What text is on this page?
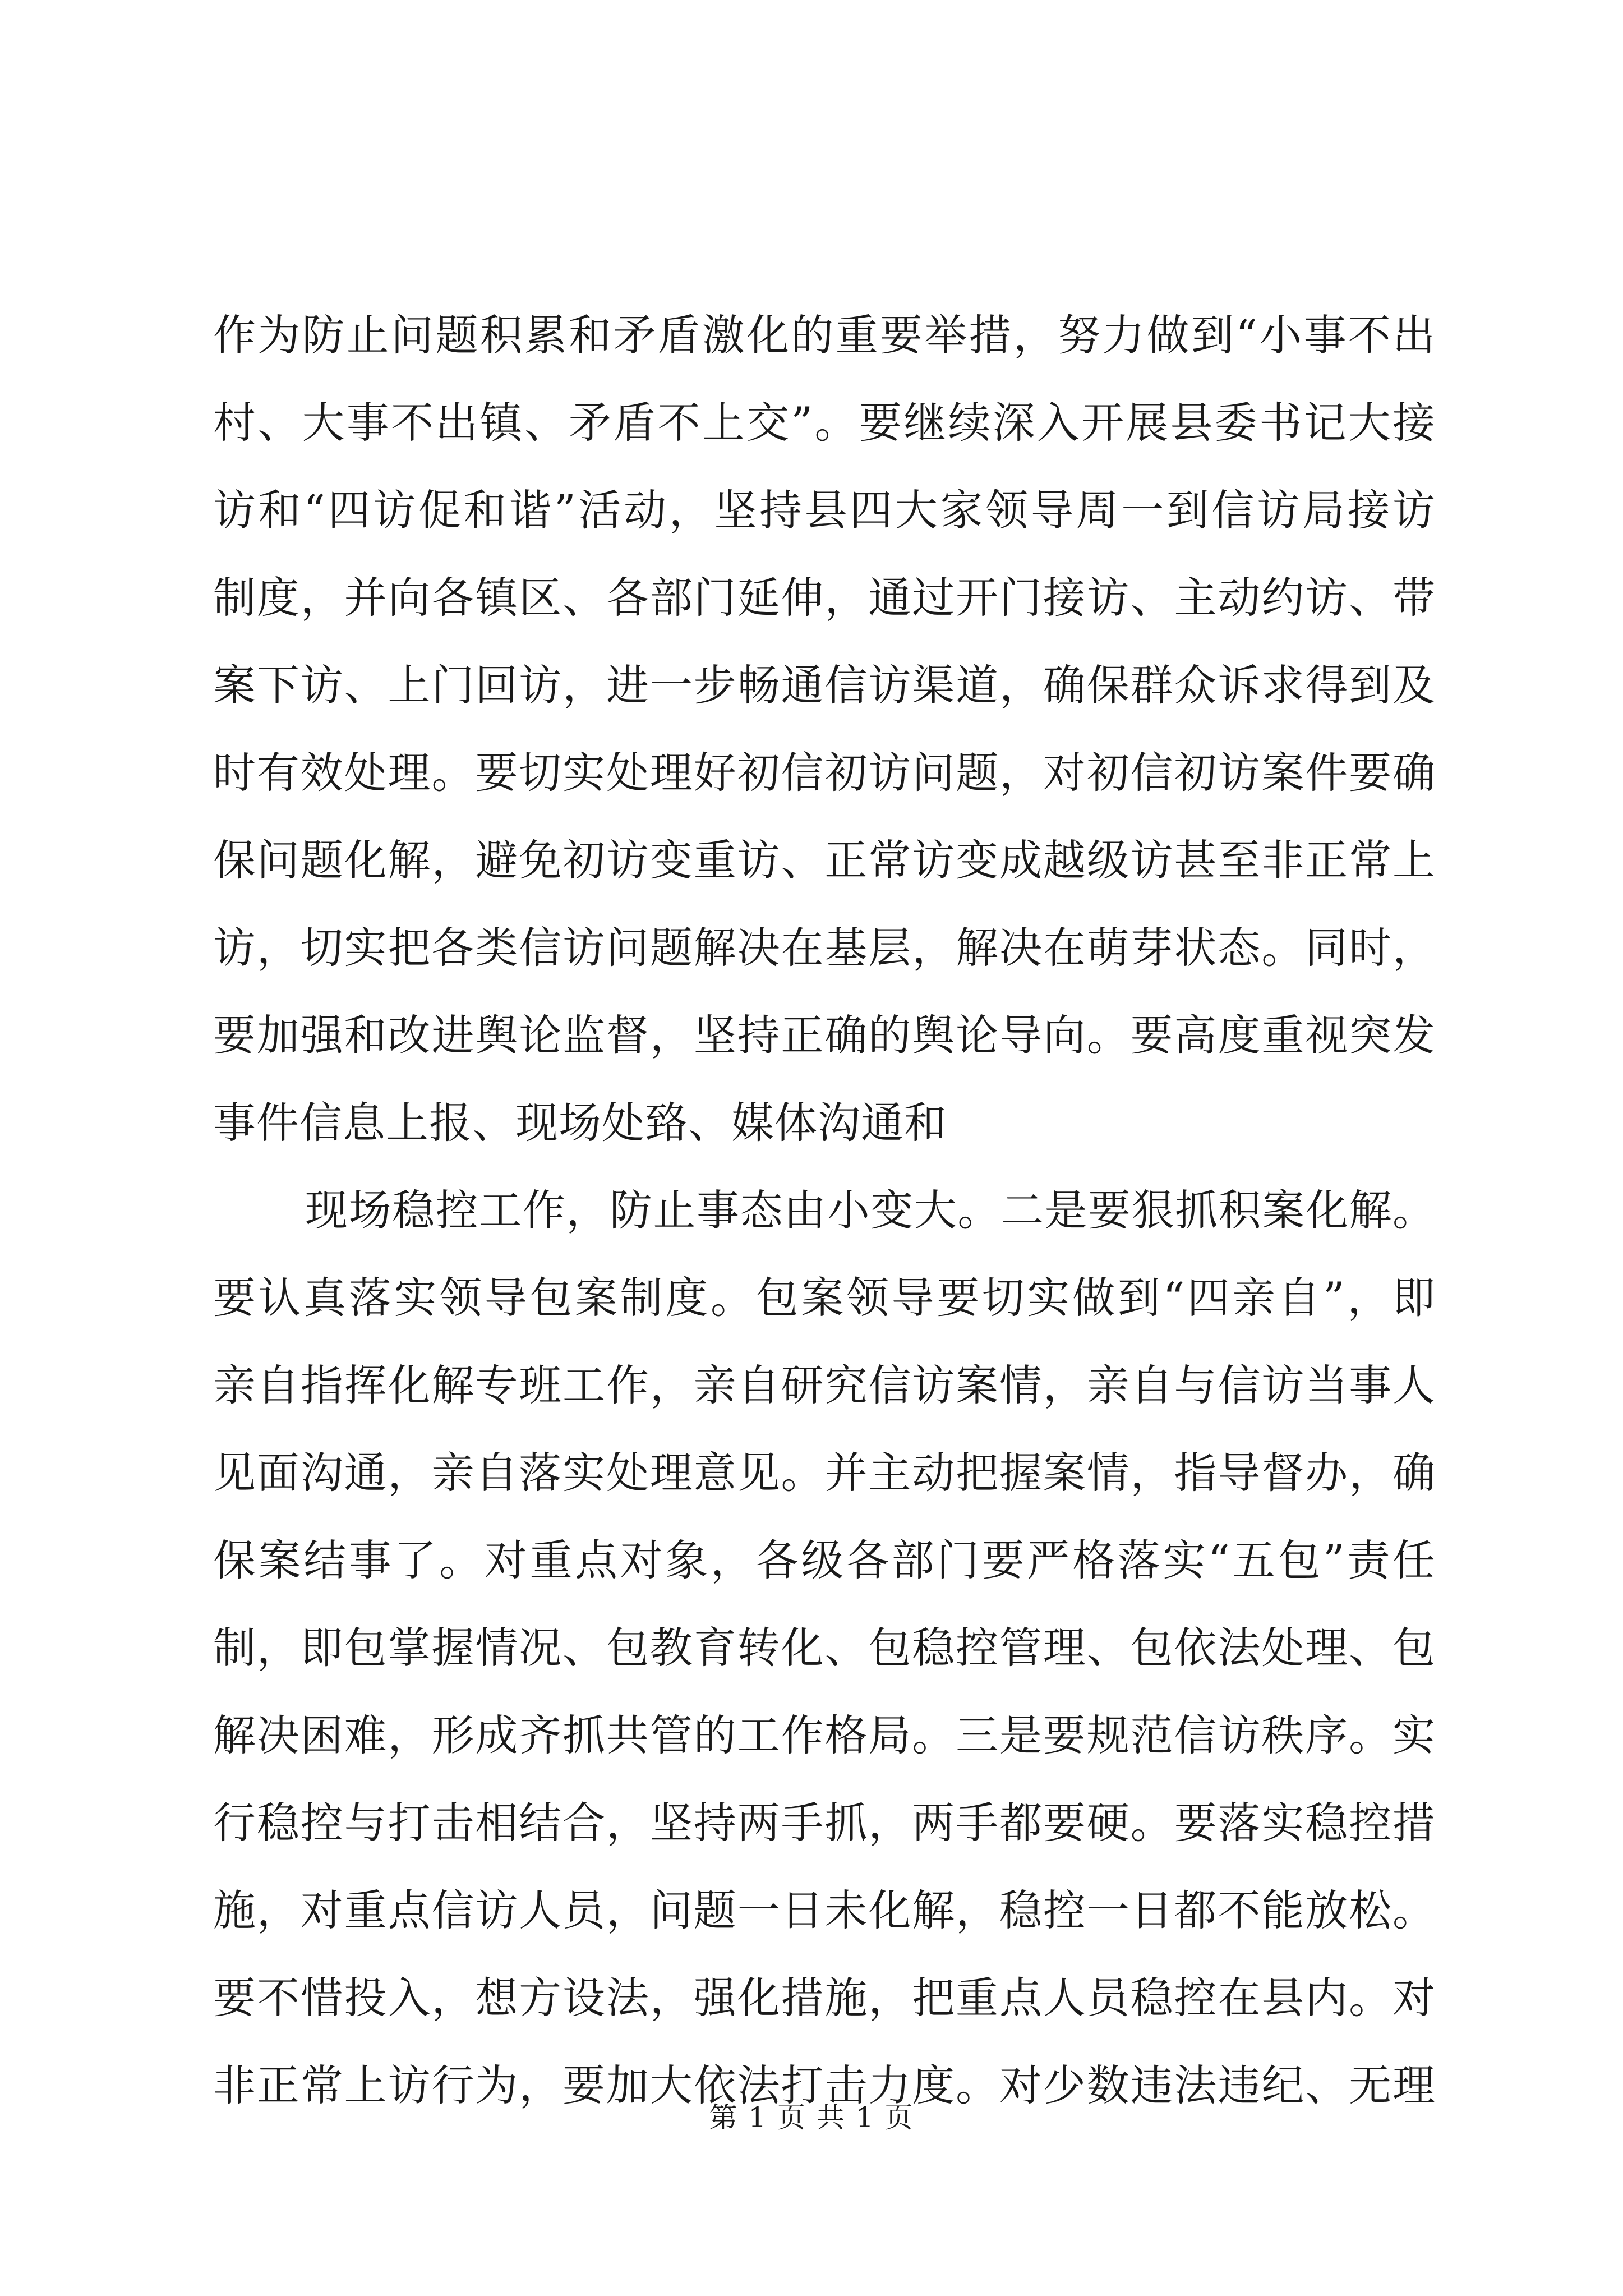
作为防止问题积累和矛盾激化的重要举措，努力做到“小事不出
村、大事不出镇、矛盾不上交”。要继续深入开展县委书记大接
访和“四访促和谐”活动，坚持县四大家领导周一到信访局接访
制度，并向各镇区、各部门延伸，通过开门接访、主动约访、带
案下访、上门回访，进一步畅通信访渠道，确保群众诉求得到及
时有效处理。要切实处理好初信初访问题，对初信初访案件要确
保问题化解，避免初访变重访、正常访变成越级访甚至非正常上
访，切实把各类信访问题解决在基层，解决在萌芽状态。同时，
要加强和改进舆论监督，坚持正确的舆论导向。要高度重视突发
事件信息上报、现场处臵、媒体沟通和
现场稳控工作，防止事态由小变大。二是要狠抓积案化解。
要认真落实领导包案制度。包案领导要切实做到“四亲自”，即
亲自指挥化解专班工作，亲自研究信访案情，亲自与信访当事人
见面沟通，亲自落实处理意见。并主动把握案情，指导督办，确
保案结事了。对重点对象，各级各部门要严格落实“五包”责任
制，即包掌握情况、包教育转化、包稳控管理、包依法处理、包
解决困难，形成齐抓共管的工作格局。三是要规范信访秩序。实
行稳控与打击相结合，坚持两手抓，两手都要硬。要落实稳控措
施，对重点信访人员，问题一日未化解，稳控一日都不能放松。
要不惜投入，想方设法，强化措施，把重点人员稳控在县内。对
非正常上访行为，要加大依法打击力度。对少数违法违纪、无理
第 1 页 共 1 页
